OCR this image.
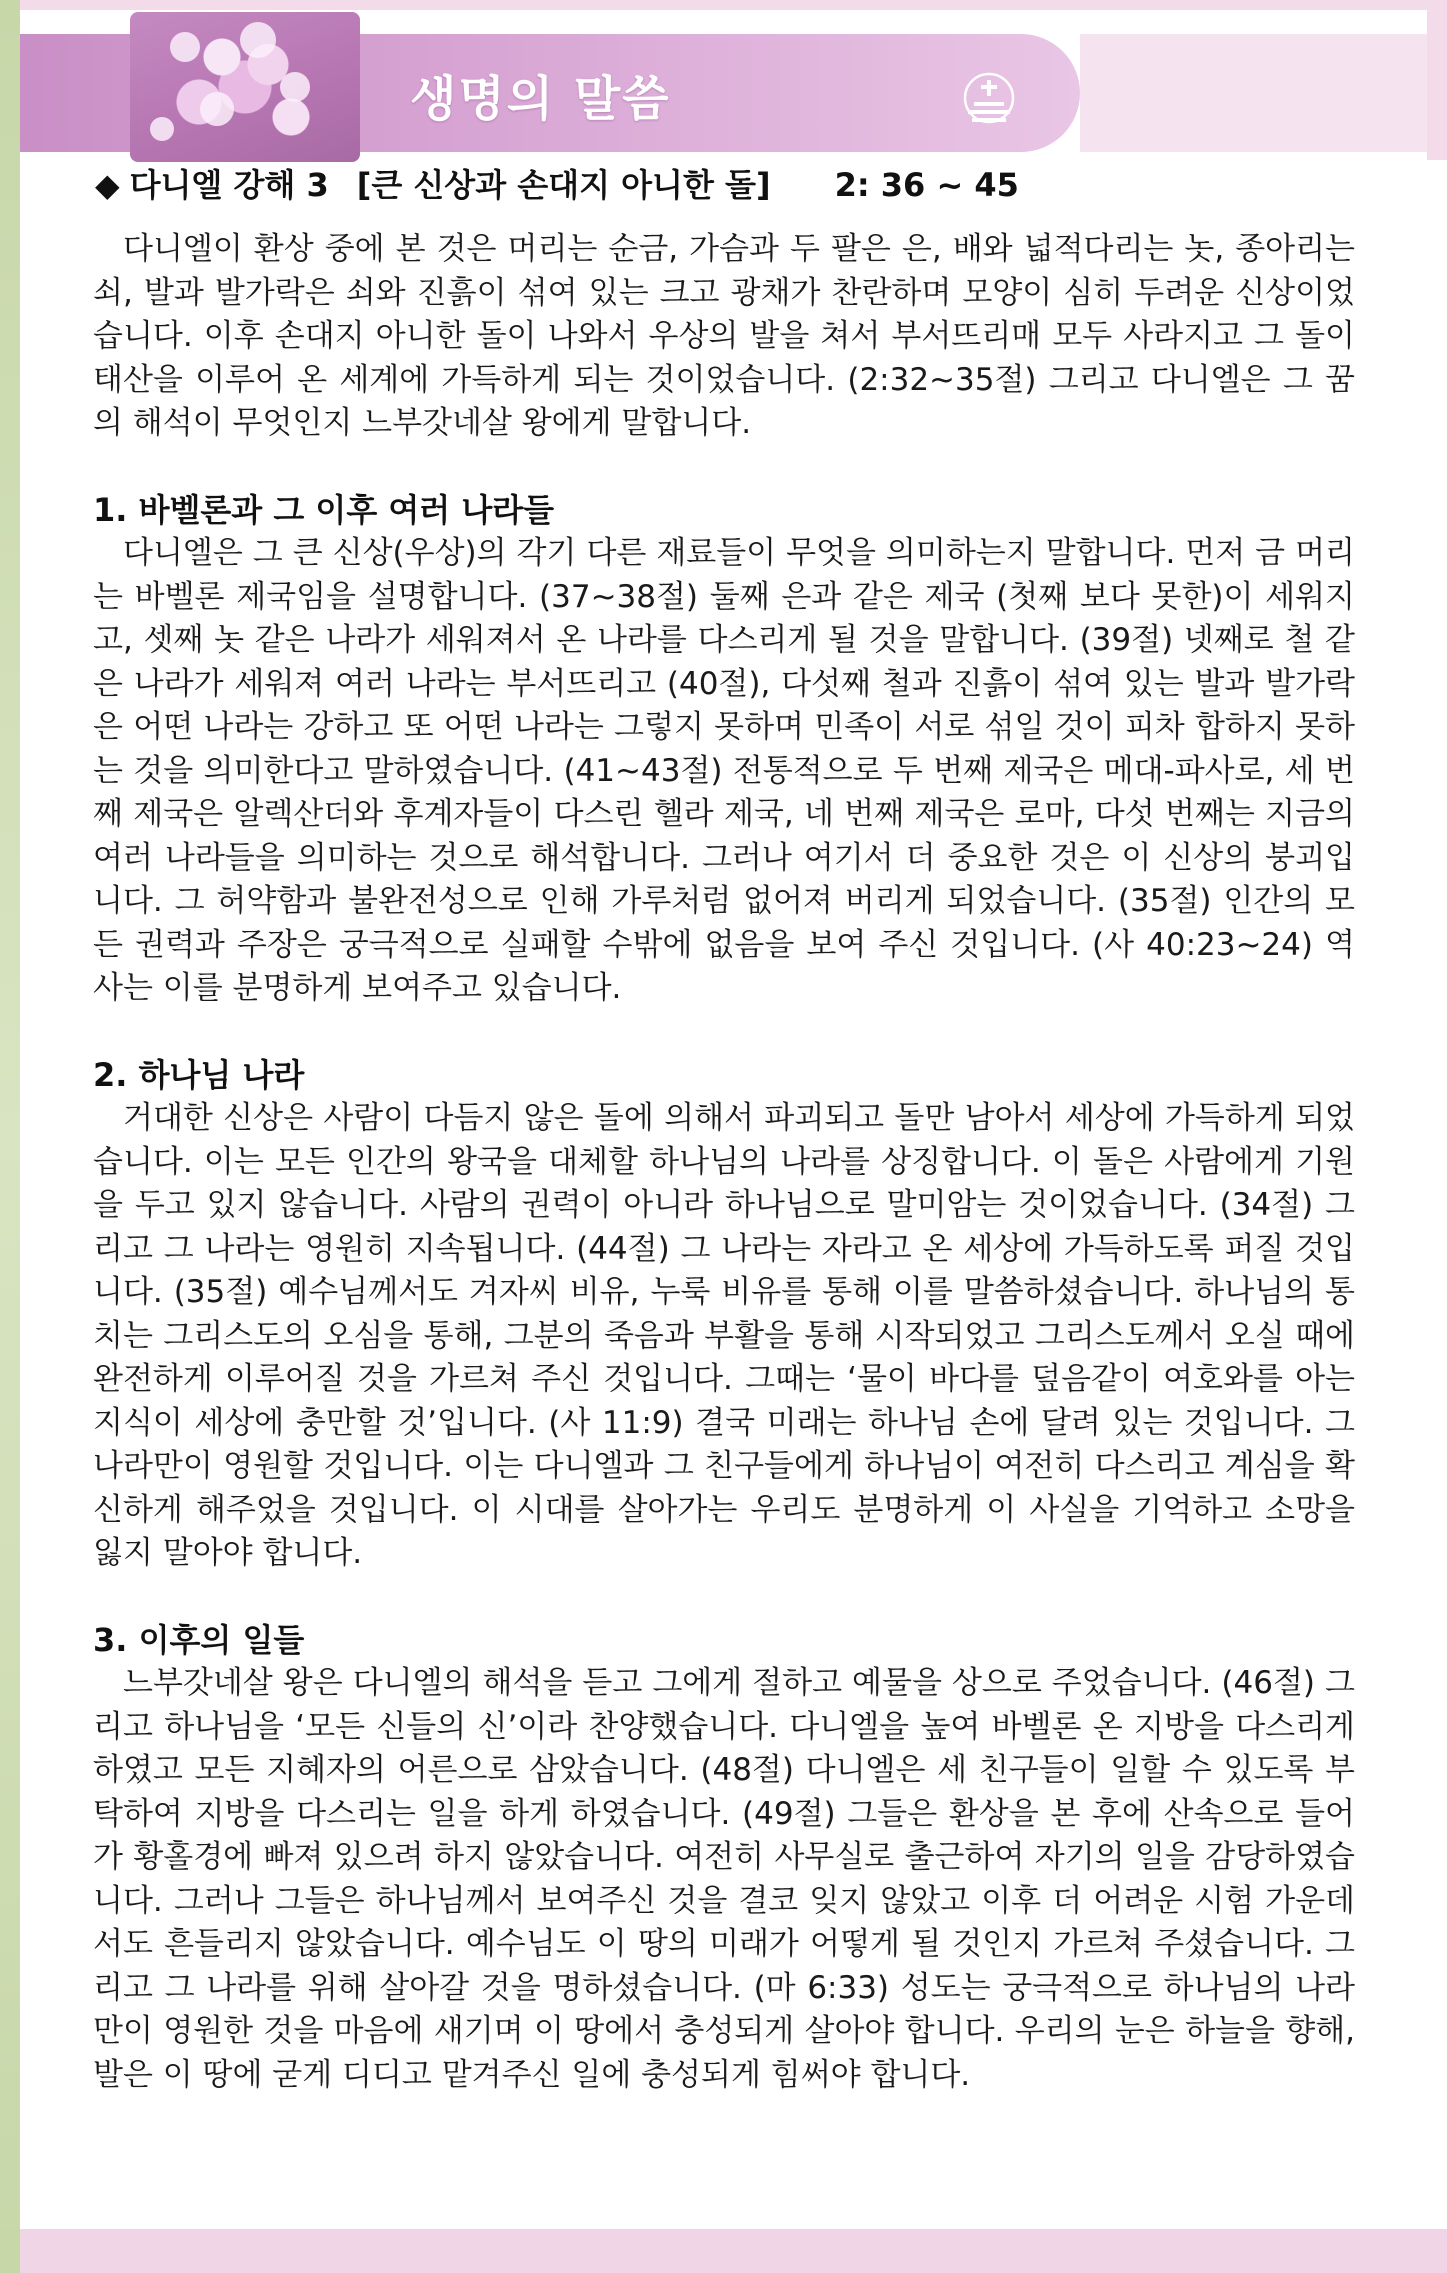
생명의 말씀
◆ 다니엘 강해 3 [큰 신상과 손대지 아니한 돌] 2: 36 ~ 45

다니엘이 환상 중에 본 것은 머리는 순금, 가슴과 두 팔은 은, 배와 넓적다리는 놋, 종아리는 쇠, 발과 발가락은 쇠와 진흙이 섞여 있는 크고 광채가 찬란하며 모양이 심히 두려운 신상이었습니다. 이후 손대지 아니한 돌이 나와서 우상의 발을 쳐서 부서뜨리매 모두 사라지고 그 돌이 태산을 이루어 온 세계에 가득하게 되는 것이었습니다. (2:32~35절) 그리고 다니엘은 그 꿈의 해석이 무엇인지 느부갓네살 왕에게 말합니다.

1. 바벨론과 그 이후 여러 나라들

다니엘은 그 큰 신상(우상)의 각기 다른 재료들이 무엇을 의미하는지 말합니다. 먼저 금 머리는 바벨론 제국임을 설명합니다. (37~38절) 둘째 은과 같은 제국 (첫째 보다 못한)이 세워지고, 셋째 놋 같은 나라가 세워져서 온 나라를 다스리게 될 것을 말합니다. (39절) 넷째로 철 같은 나라가 세워져 여러 나라는 부서뜨리고 (40절), 다섯째 철과 진흙이 섞여 있는 발과 발가락은 어떤 나라는 강하고 또 어떤 나라는 그렇지 못하며 민족이 서로 섞일 것이 피차 합하지 못하는 것을 의미한다고 말하였습니다. (41~43절) 전통적으로 두 번째 제국은 메대-파사로, 세 번째 제국은 알렉산더와 후계자들이 다스린 헬라 제국, 네 번째 제국은 로마, 다섯 번째는 지금의 여러 나라들을 의미하는 것으로 해석합니다. 그러나 여기서 더 중요한 것은 이 신상의 붕괴입니다. 그 허약함과 불완전성으로 인해 가루처럼 없어져 버리게 되었습니다. (35절) 인간의 모든 권력과 주장은 궁극적으로 실패할 수밖에 없음을 보여 주신 것입니다. (사 40:23~24) 역사는 이를 분명하게 보여주고 있습니다.

2. 하나님 나라

거대한 신상은 사람이 다듬지 않은 돌에 의해서 파괴되고 돌만 남아서 세상에 가득하게 되었습니다. 이는 모든 인간의 왕국을 대체할 하나님의 나라를 상징합니다. 이 돌은 사람에게 기원을 두고 있지 않습니다. 사람의 권력이 아니라 하나님으로 말미암는 것이었습니다. (34절) 그리고 그 나라는 영원히 지속됩니다. (44절) 그 나라는 자라고 온 세상에 가득하도록 퍼질 것입니다. (35절) 예수님께서도 겨자씨 비유, 누룩 비유를 통해 이를 말씀하셨습니다. 하나님의 통치는 그리스도의 오심을 통해, 그분의 죽음과 부활을 통해 시작되었고 그리스도께서 오실 때에 완전하게 이루어질 것을 가르쳐 주신 것입니다. 그때는 ‘물이 바다를 덮음같이 여호와를 아는 지식이 세상에 충만할 것’입니다. (사 11:9) 결국 미래는 하나님 손에 달려 있는 것입니다. 그 나라만이 영원할 것입니다. 이는 다니엘과 그 친구들에게 하나님이 여전히 다스리고 계심을 확신하게 해주었을 것입니다. 이 시대를 살아가는 우리도 분명하게 이 사실을 기억하고 소망을 잃지 말아야 합니다.

3. 이후의 일들

느부갓네살 왕은 다니엘의 해석을 듣고 그에게 절하고 예물을 상으로 주었습니다. (46절) 그리고 하나님을 ‘모든 신들의 신’이라 찬양했습니다. 다니엘을 높여 바벨론 온 지방을 다스리게 하였고 모든 지혜자의 어른으로 삼았습니다. (48절) 다니엘은 세 친구들이 일할 수 있도록 부탁하여 지방을 다스리는 일을 하게 하였습니다. (49절) 그들은 환상을 본 후에 산속으로 들어가 황홀경에 빠져 있으려 하지 않았습니다. 여전히 사무실로 출근하여 자기의 일을 감당하였습니다. 그러나 그들은 하나님께서 보여주신 것을 결코 잊지 않았고 이후 더 어려운 시험 가운데서도 흔들리지 않았습니다. 예수님도 이 땅의 미래가 어떻게 될 것인지 가르쳐 주셨습니다. 그리고 그 나라를 위해 살아갈 것을 명하셨습니다. (마 6:33) 성도는 궁극적으로 하나님의 나라만이 영원한 것을 마음에 새기며 이 땅에서 충성되게 살아야 합니다. 우리의 눈은 하늘을 향해, 발은 이 땅에 굳게 디디고 맡겨주신 일에 충성되게 힘써야 합니다.
